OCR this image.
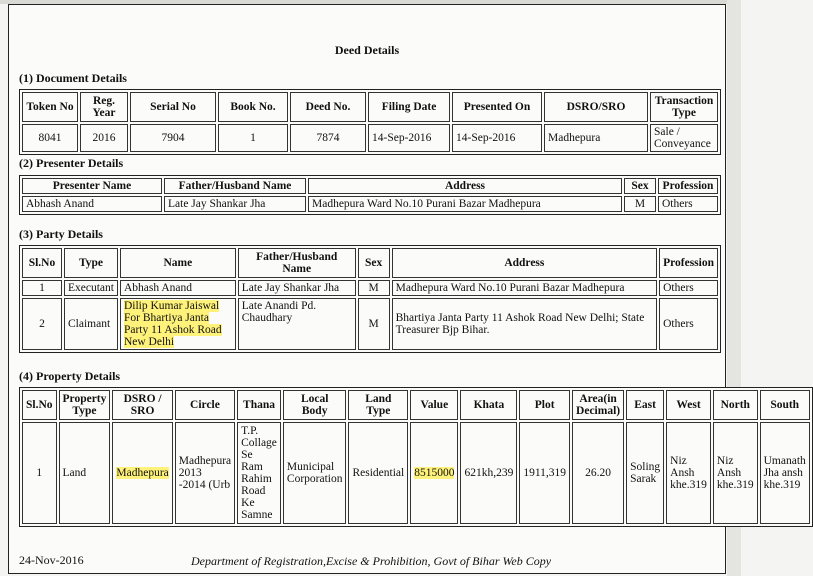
Deed Details
(1) Document Details
Token No	Reg. Year	Serial No	Book No.	Deed No.	Filing Date	Presented On	DSRO/SRO	Transaction Type
8041	2016	7904	1	7874	14-Sep-2016	14-Sep-2016	Madhepura	Sale / Conveyance
(2) Presenter Details
Presenter Name	Father/Husband Name	Address	Sex	Profession
Abhash Anand	Late Jay Shankar Jha	Madhepura Ward No.10 Purani Bazar Madhepura	M	Others
(3) Party Details
Sl.No	Type	Name	Father/Husband Name	Sex	Address	Profession
1	Executant	Abhash Anand	Late Jay Shankar Jha	M	Madhepura Ward No.10 Purani Bazar Madhepura	Others
2	Claimant	Dilip Kumar Jaiswal For Bhartiya Janta Party 11 Ashok Road New Delhi	Late Anandi Pd. Chaudhary	M	Bhartiya Janta Party 11 Ashok Road New Delhi; State Treasurer Bjp Bihar.	Others
(4) Property Details
Sl.No	Property Type	DSRO / SRO	Circle	Thana	Local Body	Land Type	Value	Khata	Plot	Area(in Decimal)	East	West	North	South
1	Land	Madhepura	Madhepura 2013 -2014 (Urb	T.P. Collage Se Ram Rahim Road Ke Samne	Municipal Corporation	Residential	8515000	621kh,239	1911,319	26.20	Soling Sarak	Niz Ansh khe.319	Niz Ansh khe.319	Umanath Jha ansh khe.319
24-Nov-2016	Department of Registration,Excise & Prohibition, Govt of Bihar Web Copy
